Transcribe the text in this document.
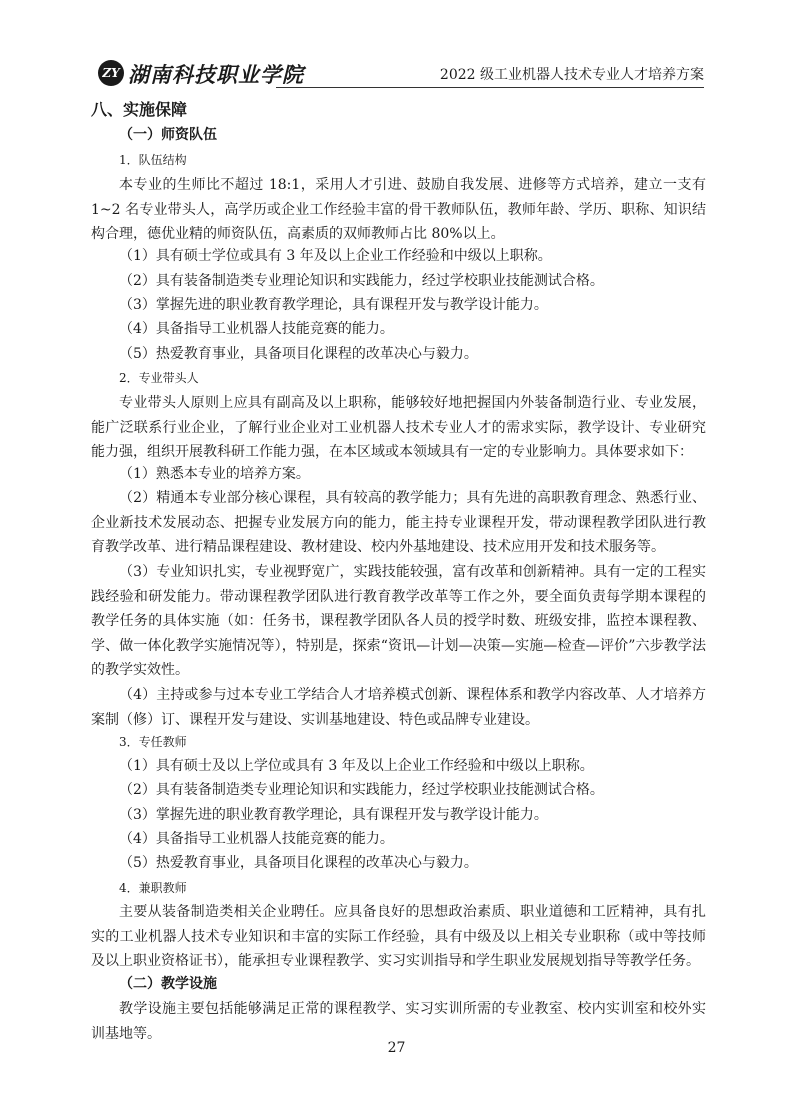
ZY 湖南科技职业学院	2022 级工业机器人技术专业人才培养方案
八、实施保障
（一）师资队伍
1．队伍结构
本专业的生师比不超过 18:1，采用人才引进、鼓励自我发展、进修等方式培养，建立一支有 1~2 名专业带头人，高学历或企业工作经验丰富的骨干教师队伍，教师年龄、学历、职称、知识结构合理，德优业精的师资队伍，高素质的双师教师占比 80%以上。
（1）具有硕士学位或具有 3 年及以上企业工作经验和中级以上职称。
（2）具有装备制造类专业理论知识和实践能力，经过学校职业技能测试合格。
（3）掌握先进的职业教育教学理论，具有课程开发与教学设计能力。
（4）具备指导工业机器人技能竞赛的能力。
（5）热爱教育事业，具备项目化课程的改革决心与毅力。
2．专业带头人
专业带头人原则上应具有副高及以上职称，能够较好地把握国内外装备制造行业、专业发展，能广泛联系行业企业，了解行业企业对工业机器人技术专业人才的需求实际，教学设计、专业研究能力强，组织开展教科研工作能力强，在本区域或本领域具有一定的专业影响力。具体要求如下：
（1）熟悉本专业的培养方案。
（2）精通本专业部分核心课程，具有较高的教学能力；具有先进的高职教育理念、熟悉行业、企业新技术发展动态、把握专业发展方向的能力，能主持专业课程开发，带动课程教学团队进行教育教学改革、进行精品课程建设、教材建设、校内外基地建设、技术应用开发和技术服务等。
（3）专业知识扎实，专业视野宽广，实践技能较强，富有改革和创新精神。具有一定的工程实践经验和研发能力。带动课程教学团队进行教育教学改革等工作之外，要全面负责每学期本课程的教学任务的具体实施（如：任务书，课程教学团队各人员的授学时数、班级安排，监控本课程教、学、做一体化教学实施情况等），特别是，探索“资讯—计划—决策—实施—检查—评价”六步教学法的教学实效性。
（4）主持或参与过本专业工学结合人才培养模式创新、课程体系和教学内容改革、人才培养方案制（修）订、课程开发与建设、实训基地建设、特色或品牌专业建设。
3．专任教师
（1）具有硕士及以上学位或具有 3 年及以上企业工作经验和中级以上职称。
（2）具有装备制造类专业理论知识和实践能力，经过学校职业技能测试合格。
（3）掌握先进的职业教育教学理论，具有课程开发与教学设计能力。
（4）具备指导工业机器人技能竞赛的能力。
（5）热爱教育事业，具备项目化课程的改革决心与毅力。
4．兼职教师
主要从装备制造类相关企业聘任。应具备良好的思想政治素质、职业道德和工匠精神，具有扎实的工业机器人技术专业知识和丰富的实际工作经验，具有中级及以上相关专业职称（或中等技师及以上职业资格证书），能承担专业课程教学、实习实训指导和学生职业发展规划指导等教学任务。
（二）教学设施
教学设施主要包括能够满足正常的课程教学、实习实训所需的专业教室、校内实训室和校外实训基地等。
27
